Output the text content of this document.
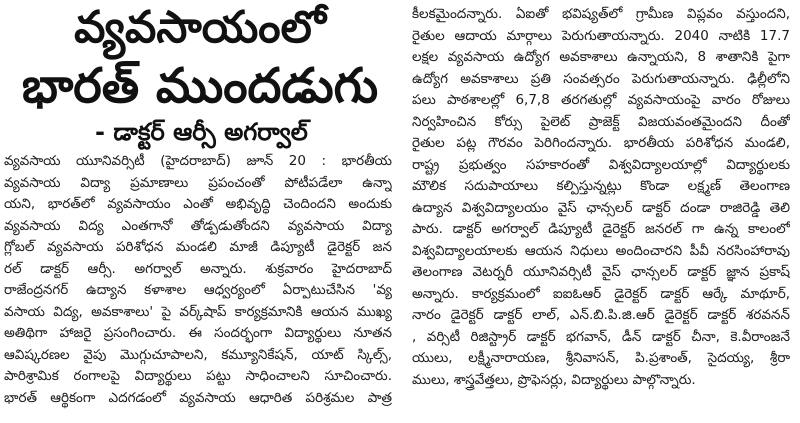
వ్యవసాయంలో
భారత్ ముందడుగు
- డాక్టర్ ఆర్సీ అగర్వాల్
వ్యవసాయ యూనివర్సిటీ (హైదరాబాద్) జూన్ 20 : భారతీయ
వ్యవసాయ విద్యా ప్రమాణాలు ప్రపంచంతో పోటీపడేలా ఉన్నా
యని, భారత్‌లో వ్యవసాయం ఎంతో అభివృద్ధి చెందిందని అందుకు
వ్యవసాయ విద్య ఎంతగానో తోడ్పడుతోందని వ్యవసాయ విద్యా
గ్లోబల్ వ్యవసాయ పరిశోధన మండలి మాజీ డిప్యూటీ డైరెక్టర్ జన
రల్ డాక్టర్ ఆర్సీ. అగర్వాల్ అన్నారు. శుక్రవారం హైదరాబాద్
రాజేంద్రనగర్ ఉద్యాన కళాశాల ఆధ్వర్యంలో ఏర్పాటుచేసిన 'వ్య
వసాయ విద్య, అవకాశాలు' పై వర్క్‌షాప్ కార్యక్రమానికి ఆయన ముఖ్య
అతిథిగా హాజరై ప్రసంగించారు. ఈ సందర్భంగా విద్యార్థులు నూతన
ఆవిష్కరణల వైపు మొగ్గుచూపాలని, కమ్యూనికేషన్, యాట్ స్కిల్స్,
పారిశ్రామిక రంగాలపై విద్యార్థులు పట్టు సాధించాలని సూచించారు.
భారత్ ఆర్థికంగా ఎదగడంలో వ్యవసాయ ఆధారిత పరిశ్రమల పాత్ర
కీలకమైందన్నారు. ఏఐతో భవిష్యత్‌లో గ్రామీణ విప్లవం వస్తుందని,
రైతుల ఆదాయ మార్గాలు పెరుగుతాయన్నారు. 2040 నాటికి 17.7
లక్షల వ్యవసాయ ఉద్యోగ అవకాశాలు ఉన్నాయని, 8 శాతానికి పైగా
ఉద్యోగ అవకాశాలు ప్రతి సంవత్సరం పెరుగుతాయన్నారు. ఢిల్లీలోని
పలు పాఠశాలల్లో 6,7,8 తరగతుల్లో వ్యవసాయంపై వారం రోజులు
నిర్వహించిన కోర్సు పైలెట్ ప్రాజెక్ట్ విజయవంతమైందని దీంతో
రైతుల పట్ల గౌరవం పెరిగిందన్నారు. భారతీయ పరిశోధన మండలి,
రాష్ట్ర ప్రభుత్వం సహకారంతో విశ్వవిద్యాలయాల్లో విద్యార్థులకు
మౌలిక సదుపాయాలు కల్పిస్తున్నట్లు కొండా లక్ష్మణ్ తెలంగాణ
ఉద్యాన విశ్వవిద్యాలయం వైస్ ఛాన్సలర్ డాక్టర్ దండా రాజిరెడ్డి తెలి
పారు. డాక్టర్ అగర్వాల్ డిప్యూటీ డైరెక్టర్ జనరల్ గా ఉన్న కాలంలో
విశ్వవిద్యాలయాలకు ఆయన నిధులు అందించారని పీవీ నరసింహారావు
తెలంగాణ వెటర్నరీ యూనివర్సిటీ వైస్ ఛాన్సలర్ డాక్టర్ జ్ఞాన ప్రకాష్
అన్నారు. కార్యక్రమంలో ఐఐఓఆర్ డైరెక్టర్ డాక్టర్ ఆర్కే మాథూర్,
నారం డైరెక్టర్ డాక్టర్ లాల్, ఎన్.బి.పి.జి.ఆర్ డైరెక్టర్ డాక్టర్ శరవనన్
, వర్సిటీ రిజిస్ట్రార్ డాక్టర్ భగవాన్, డీన్ డాక్టర్ చీనా, కె.వీరాంజనే
యులు, లక్ష్మీనారాయణ, శ్రీనివాసన్, పి.ప్రశాంత్, సైదయ్య, శ్రీరా
ములు, శాస్త్రవేత్తలు, ప్రొఫెసర్లు, విద్యార్థులు పాల్గొన్నారు.
